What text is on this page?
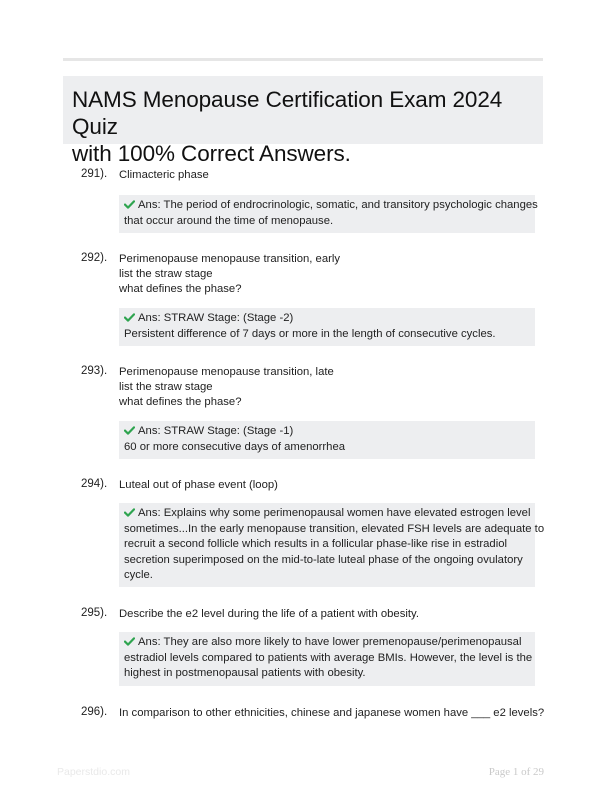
NAMS Menopause Certification Exam 2024 Quiz
with 100% Correct Answers.
291). Climacteric phase
Ans: The period of endrocrinologic, somatic, and transitory psychologic changes
that occur around the time of menopause.
292). Perimenopause menopause transition, early
list the straw stage
what defines the phase?
Ans: STRAW Stage: (Stage -2)
Persistent difference of 7 days or more in the length of consecutive cycles.
293). Perimenopause menopause transition, late
list the straw stage
what defines the phase?
Ans: STRAW Stage: (Stage -1)
60 or more consecutive days of amenorrhea
294). Luteal out of phase event (loop)
Ans: Explains why some perimenopausal women have elevated estrogen level
sometimes...In the early menopause transition, elevated FSH levels are adequate to
recruit a second follicle which results in a follicular phase-like rise in estradiol
secretion superimposed on the mid-to-late luteal phase of the ongoing ovulatory
cycle.
295). Describe the e2 level during the life of a patient with obesity.
Ans: They are also more likely to have lower premenopause/perimenopausal
estradiol levels compared to patients with average BMIs. However, the level is the
highest in postmenopausal patients with obesity.
296). In comparison to other ethnicities, chinese and japanese women have ___ e2 levels?
Paperstdio.com	Page 1 of 29
